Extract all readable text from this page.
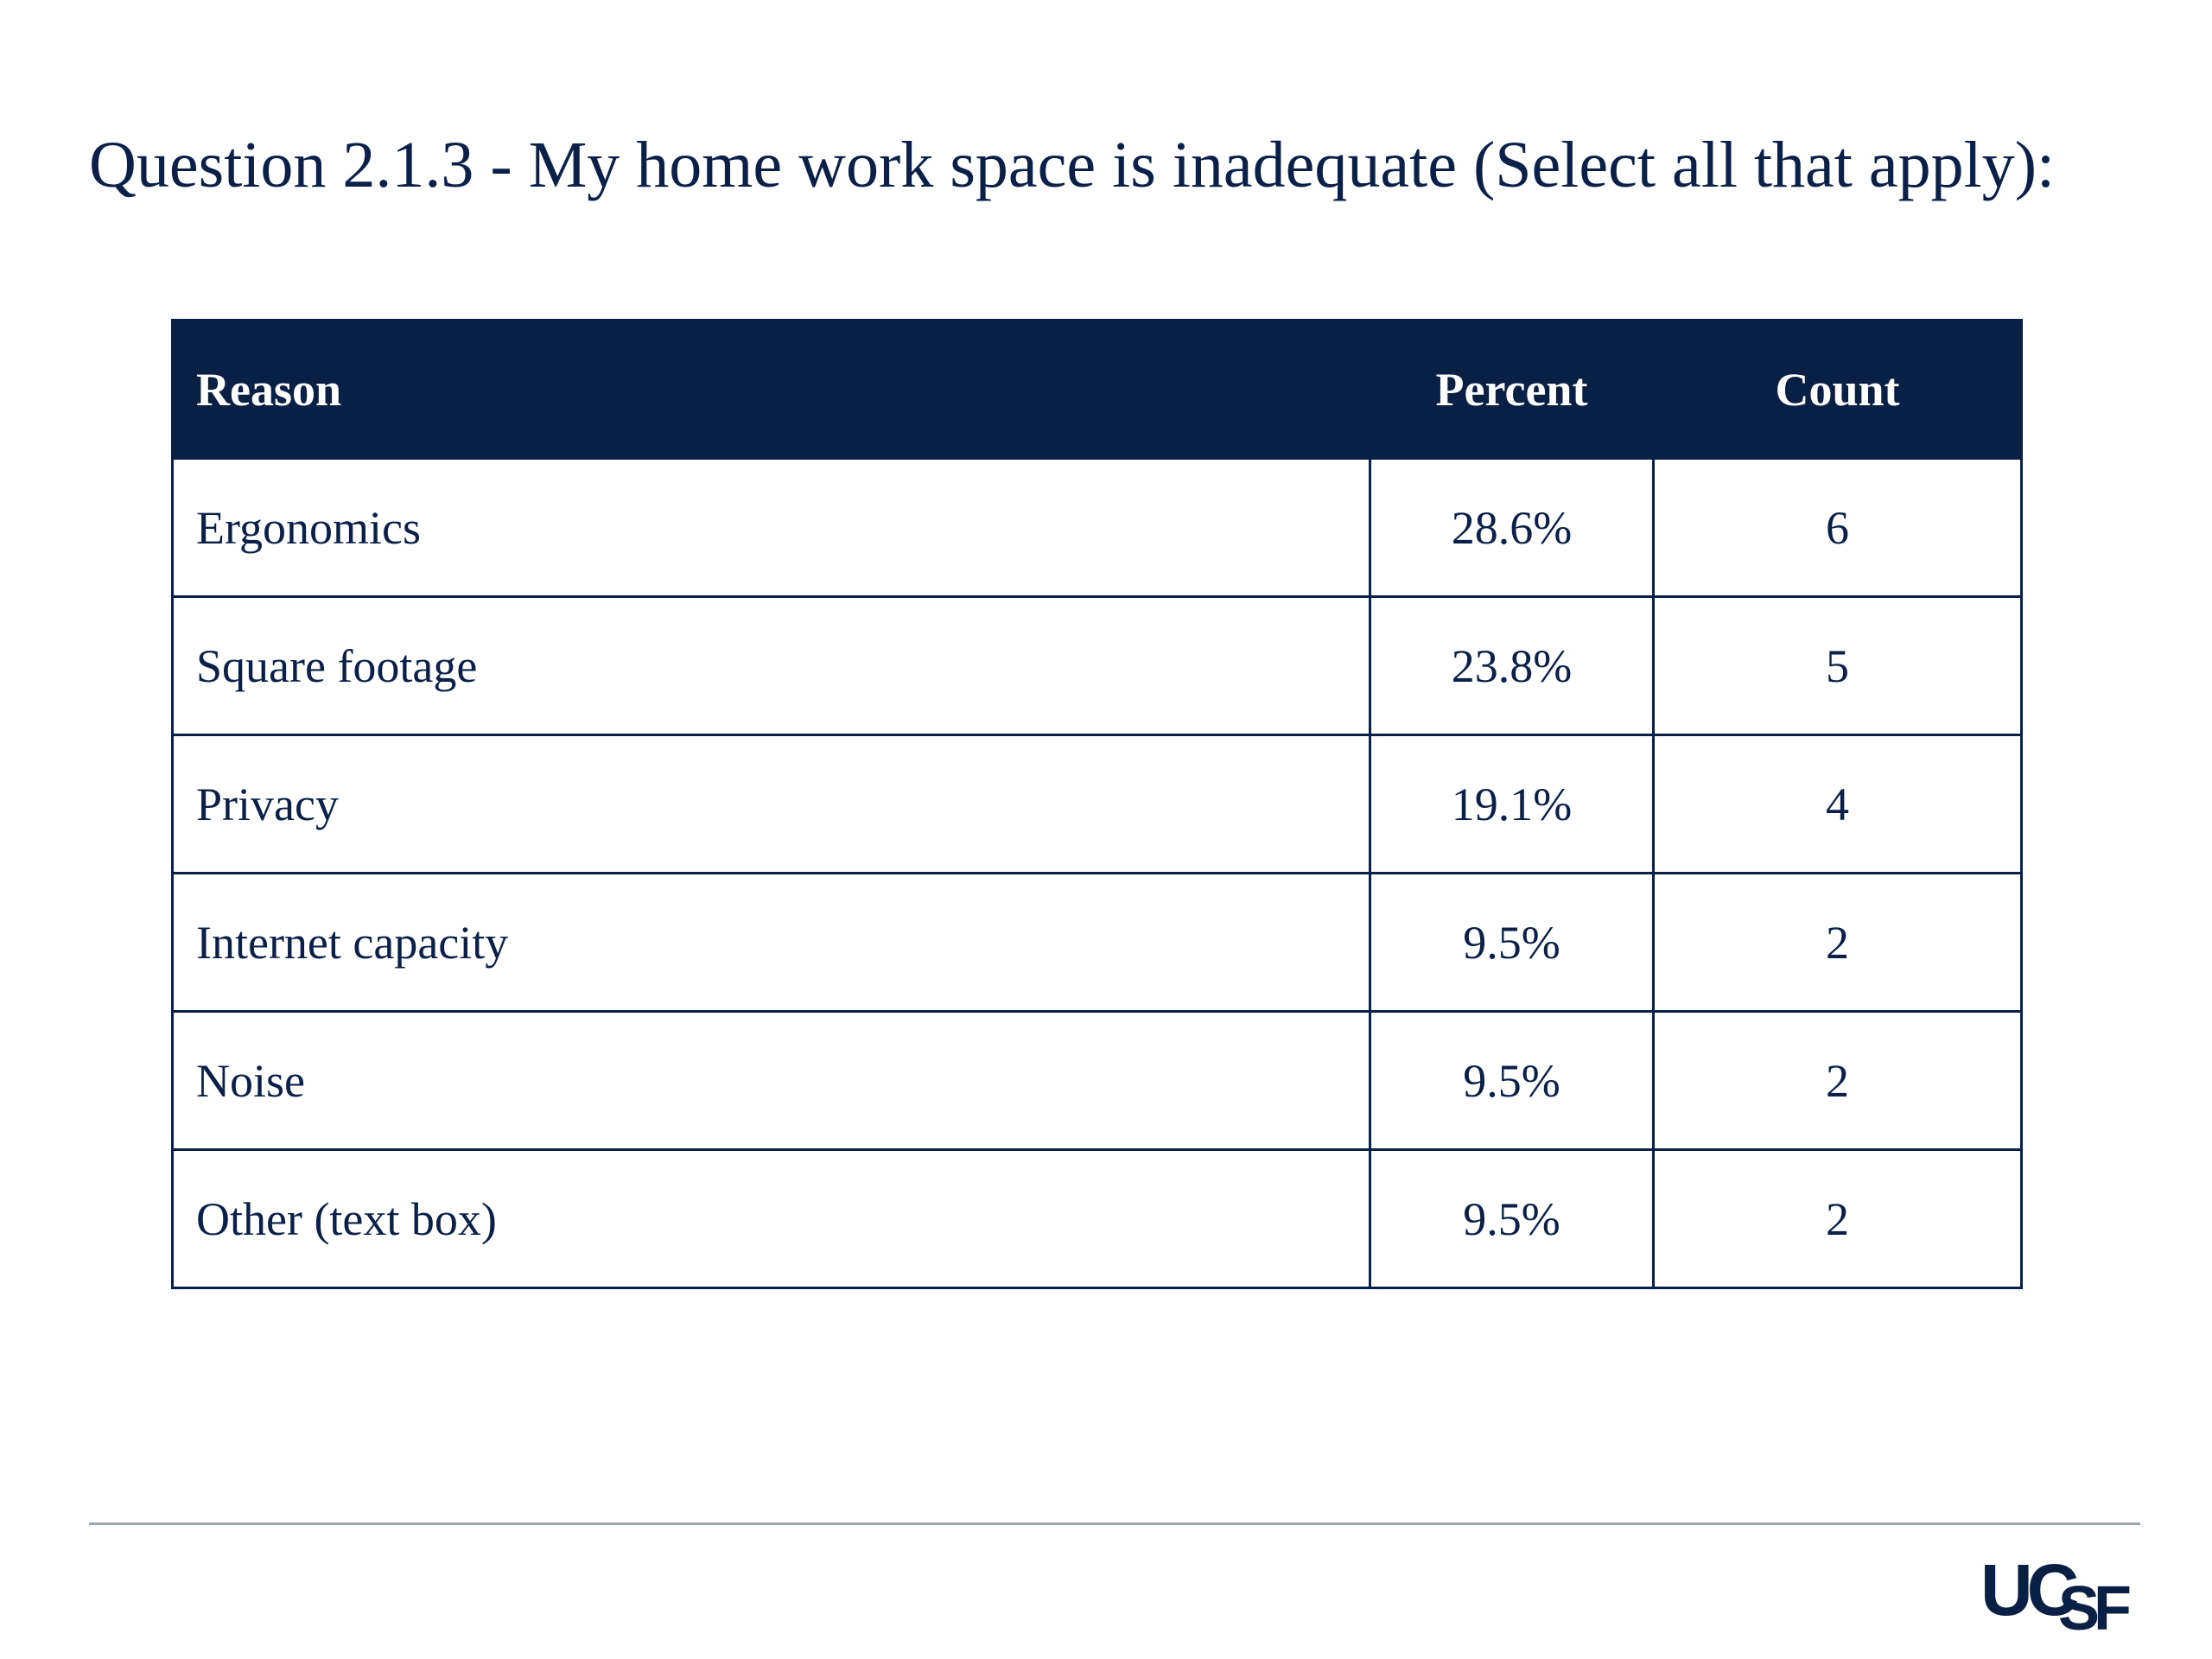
Question 2.1.3 - My home work space is inadequate (Select all that apply):
Reason	Percent	Count
Ergonomics	28.6%	6
Square footage	23.8%	5
Privacy	19.1%	4
Internet capacity	9.5%	2
Noise	9.5%	2
Other (text box)	9.5%	2
UC
SF
